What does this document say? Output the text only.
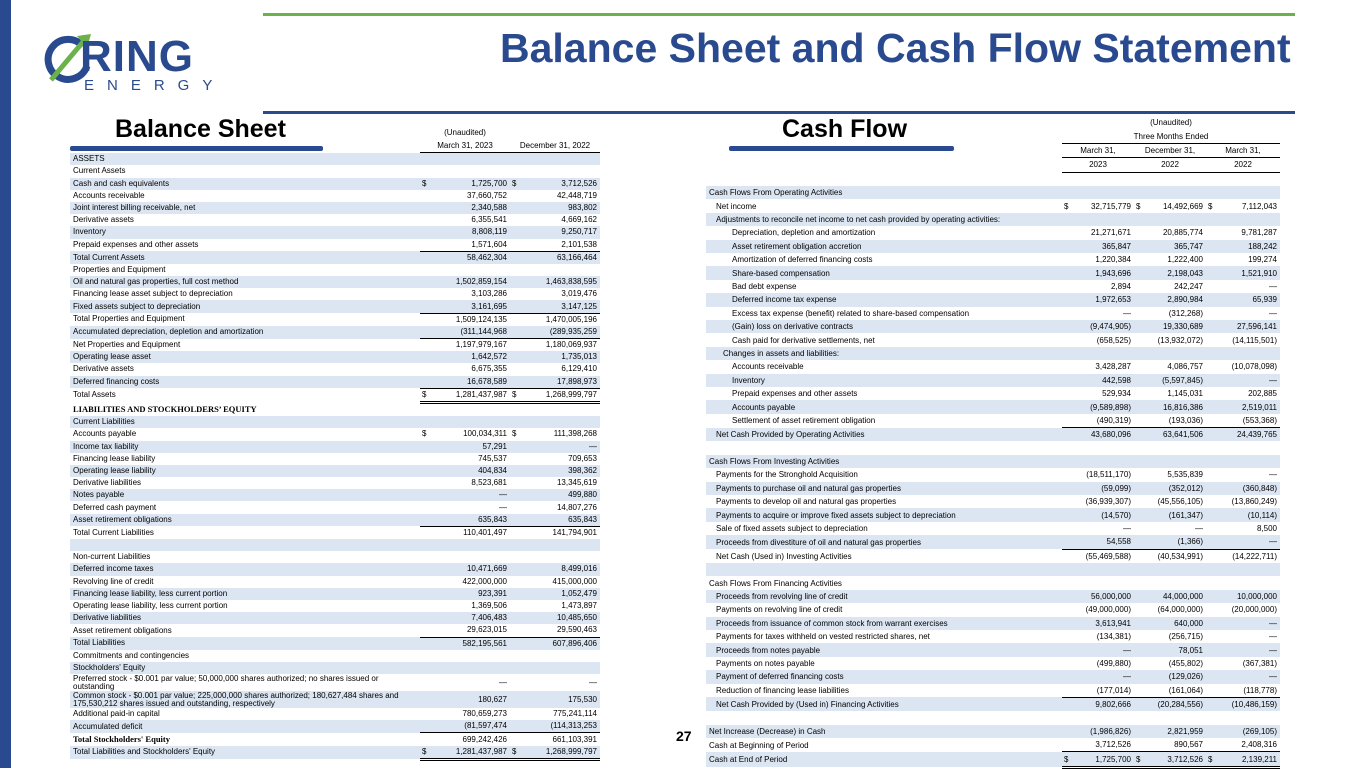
RING
ENERGY
Balance Sheet and Cash Flow Statement
Balance Sheet	Cash Flow
	(Unaudited)			
	March 31, 2023		December 31, 2022	
ASSETS				
Current Assets				
Cash and cash equivalents	$	1,725,700	$	3,712,526
Accounts receivable		37,660,752		42,448,719
Joint interest billing receivable, net		2,340,588		983,802
Derivative assets		6,355,541		4,669,162
Inventory		8,808,119		9,250,717
Prepaid expenses and other assets		1,571,604		2,101,538
Total Current Assets		58,462,304		63,166,464
Properties and Equipment				
Oil and natural gas properties, full cost method		1,502,859,154		1,463,838,595
Financing lease asset subject to depreciation		3,103,286		3,019,476
Fixed assets subject to depreciation		3,161,695		3,147,125
Total Properties and Equipment		1,509,124,135		1,470,005,196
Accumulated depreciation, depletion and amortization		(311,144,968		(289,935,259
Net Properties and Equipment		1,197,979,167		1,180,069,937
Operating lease asset		1,642,572		1,735,013
Derivative assets		6,675,355		6,129,410
Deferred financing costs		16,678,589		17,898,973
Total Assets	$	1,281,437,987	$	1,268,999,797
LIABILITIES AND STOCKHOLDERS’ EQUITY				
Current Liabilities				
Accounts payable	$	100,034,311	$	111,398,268
Income tax liability		57,291		—
Financing lease liability		745,537		709,653
Operating lease liability		404,834		398,362
Derivative liabilities		8,523,681		13,345,619
Notes payable		—		499,880
Deferred cash payment		—		14,807,276
Asset retirement obligations		635,843		635,843
Total Current Liabilities		110,401,497		141,794,901

Non-current Liabilities				
Deferred income taxes		10,471,669		8,499,016
Revolving line of credit		422,000,000		415,000,000
Financing lease liability, less current portion		923,391		1,052,479
Operating lease liability, less current portion		1,369,506		1,473,897
Derivative liabilities		7,406,483		10,485,650
Asset retirement obligations		29,623,015		29,590,463
Total Liabilities		582,195,561		607,896,406
Commitments and contingencies				
Stockholders' Equity				
Preferred stock - $0.001 par value; 50,000,000 shares authorized; no shares issued or outstanding		—		—
Common stock - $0.001 par value; 225,000,000 shares authorized; 180,627,484 shares and 175,530,212 shares issued and outstanding, respectively		180,627		175,530
Additional paid-in capital		780,659,273		775,241,114
Accumulated deficit		(81,597,474		(114,313,253
Total Stockholders' Equity		699,242,426		661,103,391
Total Liabilities and Stockholders' Equity	$	1,281,437,987	$	1,268,999,797
	(Unaudited)					
	Three Months Ended					
	March 31,		December 31,		March 31,	
	2023		2022		2022	

Cash Flows From Operating Activities						
Net income	$	32,715,779	$	14,492,669	$	7,112,043
Adjustments to reconcile net income to net cash provided by operating activities:						
Depreciation, depletion and amortization		21,271,671		20,885,774		9,781,287
Asset retirement obligation accretion		365,847		365,747		188,242
Amortization of deferred financing costs		1,220,384		1,222,400		199,274
Share-based compensation		1,943,696		2,198,043		1,521,910
Bad debt expense		2,894		242,247		—
Deferred income tax expense		1,972,653		2,890,984		65,939
Excess tax expense (benefit) related to share-based compensation		—		(312,268)		—
(Gain) loss on derivative contracts		(9,474,905)		19,330,689		27,596,141
Cash paid for derivative settlements, net		(658,525)		(13,932,072)		(14,115,501)
Changes in assets and liabilities:						
Accounts receivable		3,428,287		4,086,757		(10,078,098)
Inventory		442,598		(5,597,845)		—
Prepaid expenses and other assets		529,934		1,145,031		202,885
Accounts payable		(9,589,898)		16,816,386		2,519,011
Settlement of asset retirement obligation		(490,319)		(193,036)		(553,368)
Net Cash Provided by Operating Activities		43,680,096		63,641,506		24,439,765

Cash Flows From Investing Activities						
Payments for the Stronghold Acquisition		(18,511,170)		5,535,839		—
Payments to purchase oil and natural gas properties		(59,099)		(352,012)		(360,848)
Payments to develop oil and natural gas properties		(36,939,307)		(45,556,105)		(13,860,249)
Payments to acquire or improve fixed assets subject to depreciation		(14,570)		(161,347)		(10,114)
Sale of fixed assets subject to depreciation		—		—		8,500
Proceeds from divestiture of oil and natural gas properties		54,558		(1,366)		—
Net Cash (Used in) Investing Activities		(55,469,588)		(40,534,991)		(14,222,711)

Cash Flows From Financing Activities						
Proceeds from revolving line of credit		56,000,000		44,000,000		10,000,000
Payments on revolving line of credit		(49,000,000)		(64,000,000)		(20,000,000)
Proceeds from issuance of common stock from warrant exercises		3,613,941		640,000		—
Payments for taxes withheld on vested restricted shares, net		(134,381)		(256,715)		—
Proceeds from notes payable		—		78,051		—
Payments on notes payable		(499,880)		(455,802)		(367,381)
Payment of deferred financing costs		—		(129,026)		—
Reduction of financing lease liabilities		(177,014)		(161,064)		(118,778)
Net Cash Provided by (Used in) Financing Activities		9,802,666		(20,284,556)		(10,486,159)

Net Increase (Decrease) in Cash		(1,986,826)		2,821,959		(269,105)
Cash at Beginning of Period		3,712,526		890,567		2,408,316
Cash at End of Period	$	1,725,700	$	3,712,526	$	2,139,211
27
